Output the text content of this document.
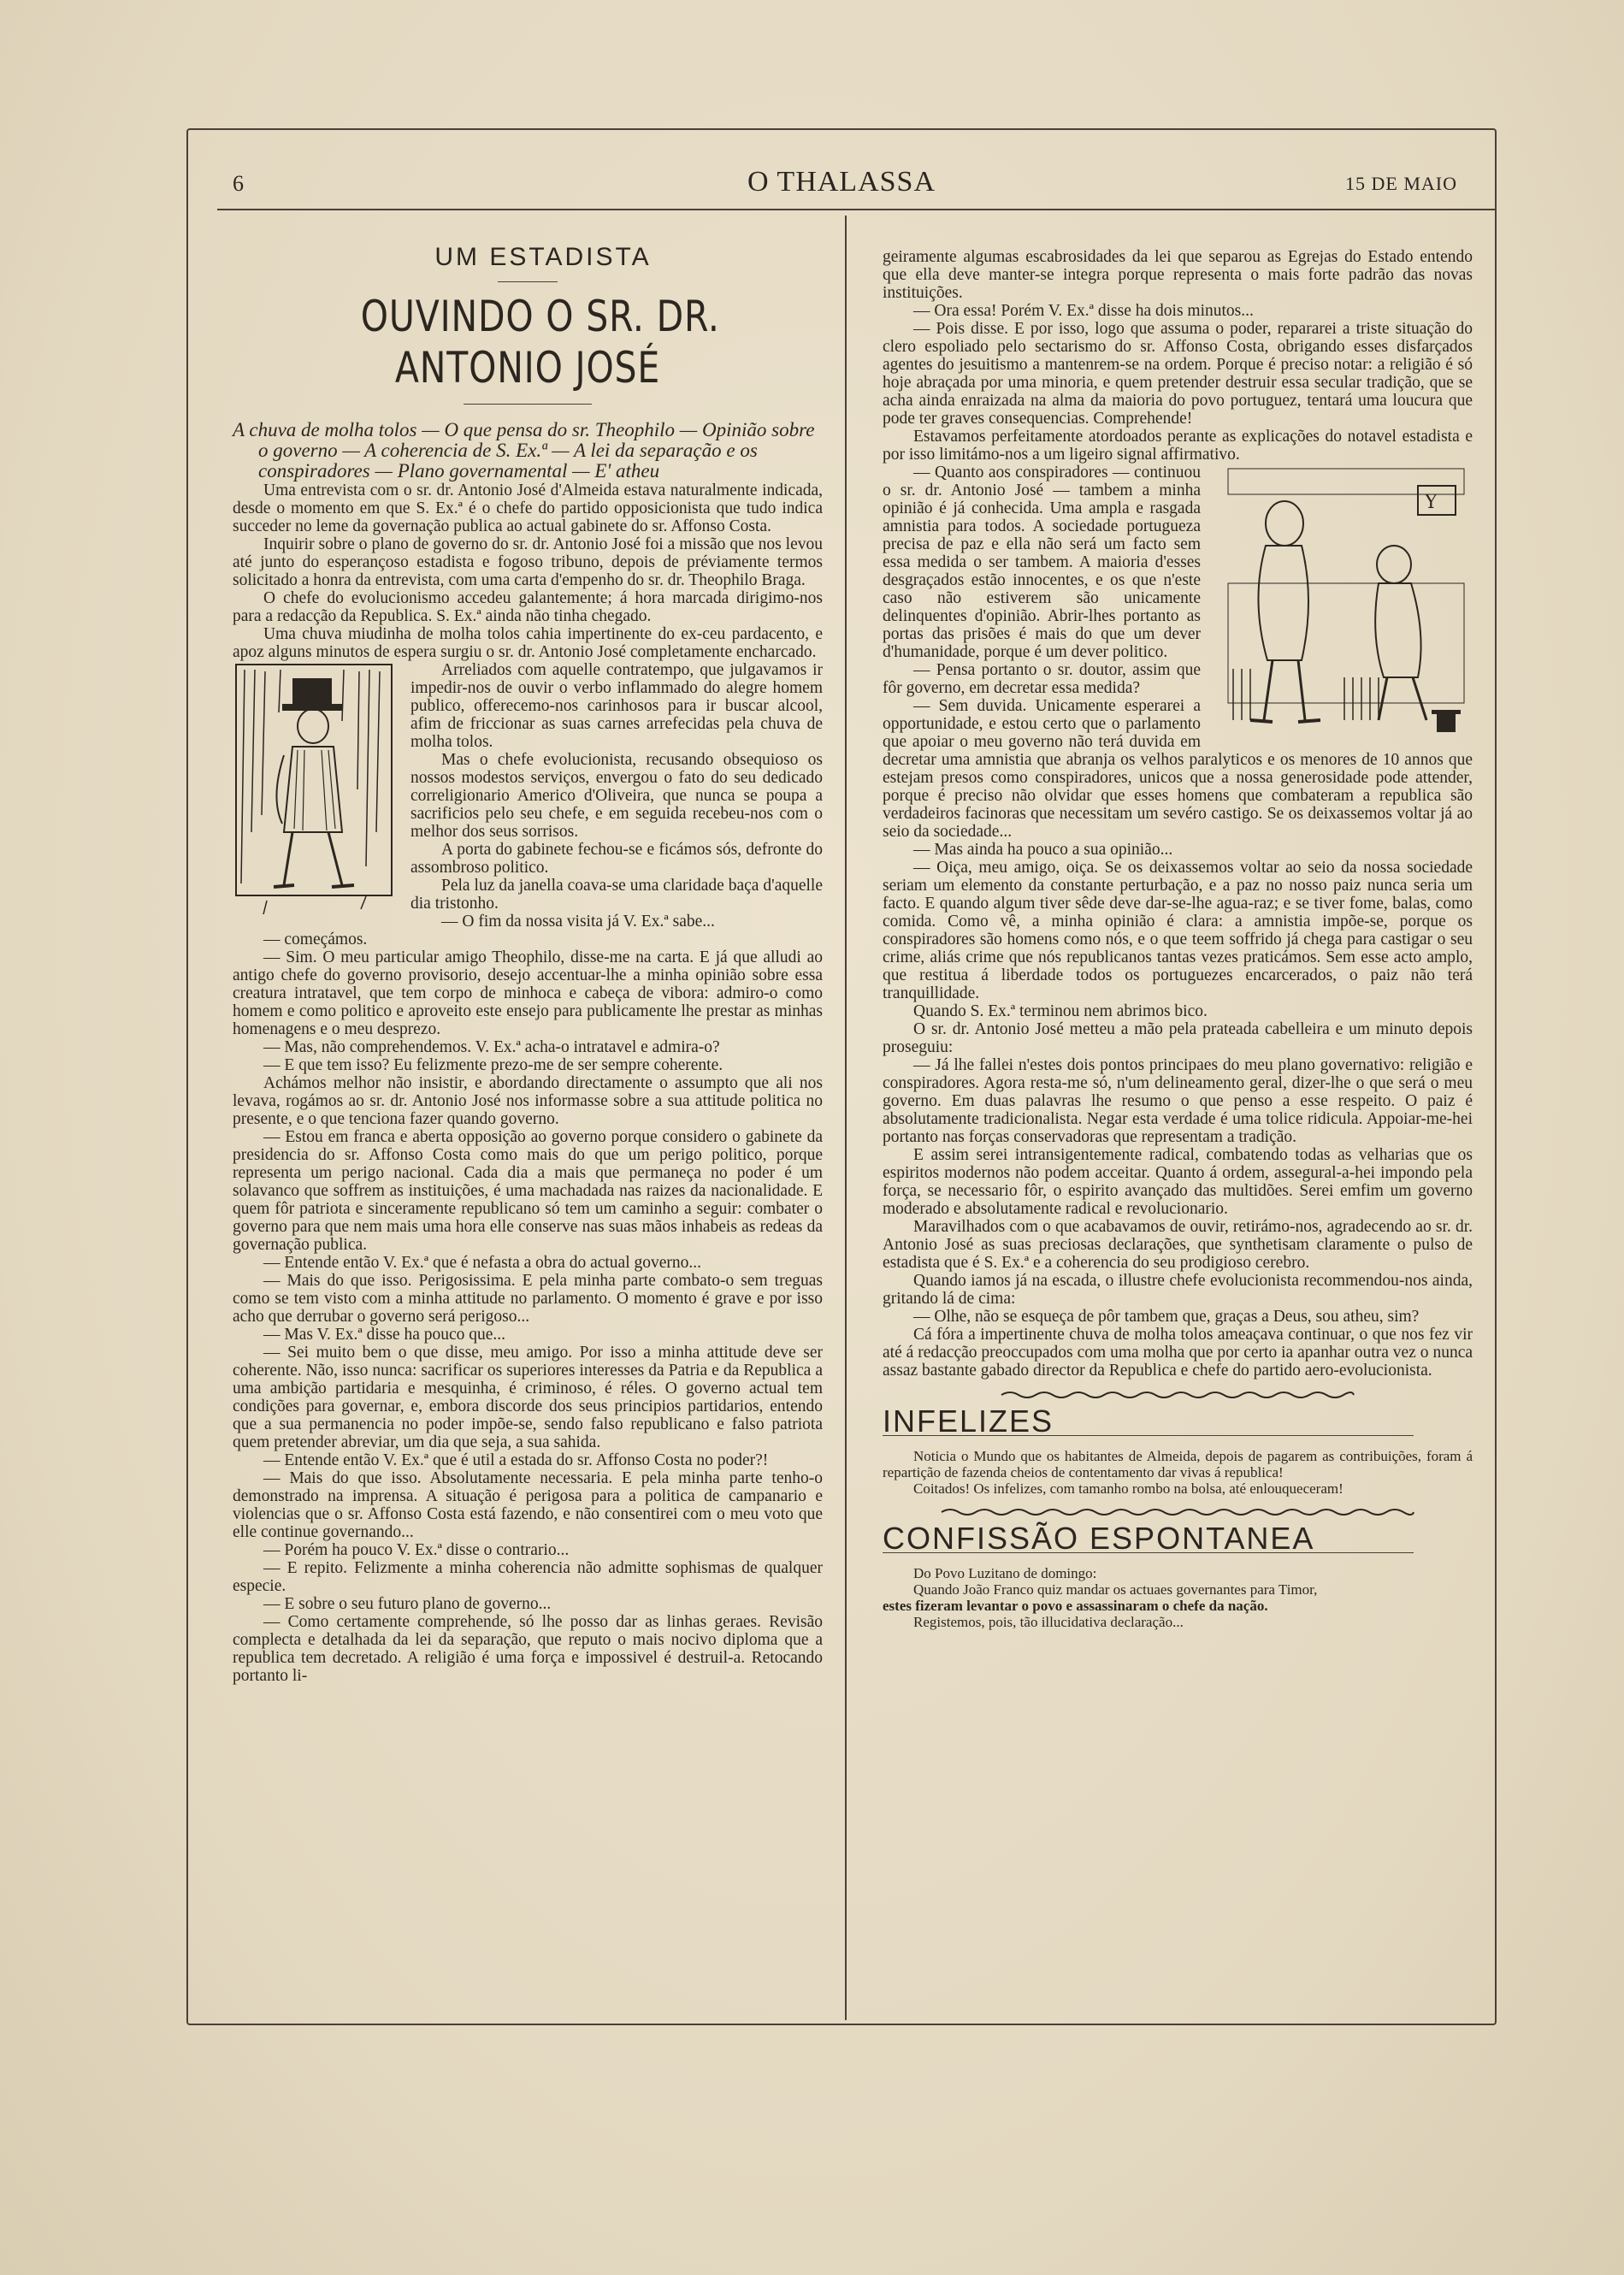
6	O THALASSA	15 DE MAIO

UM ESTADISTA

OUVINDO O SR. DR. ANTONIO JOSÉ

A chuva de molha tolos — O que pensa do sr. Theophilo — Opinião sobre o governo — A coherencia de S. Ex.ª — A lei da separação e os conspiradores — Plano governamental — E' atheu

Uma entrevista com o sr. dr. Antonio José d'Almeida estava naturalmente indicada, desde o momento em que S. Ex.ª é o chefe do partido opposicionista que tudo indica succeder no leme da governação publica ao actual gabinete do sr. Affonso Costa.

Inquirir sobre o plano de governo do sr. dr. Antonio José foi a missão que nos levou até junto do esperançoso estadista e fogoso tribuno, depois de préviamente termos solicitado a honra da entrevista, com uma carta d'empenho do sr. dr. Theophilo Braga.

O chefe do evolucionismo accedeu galantemente; á hora marcada dirigimo-nos para a redacção da Republica. S. Ex.ª ainda não tinha chegado.

Uma chuva miudinha de molha tolos cahia impertinente do ex-ceu pardacento, e apoz alguns minutos de espera surgiu o sr. dr. Antonio José completamente encharcado.

Arreliados com aquelle contratempo, que julgavamos ir impedir-nos de ouvir o verbo inflammado do alegre homem publico, offerecemo-nos carinhosos para ir buscar alcool, afim de friccionar as suas carnes arrefecidas pela chuva de molha tolos.

Mas o chefe evolucionista, recusando obsequioso os nossos modestos serviços, envergou o fato do seu dedicado correligionario Americo d'Oliveira, que nunca se poupa a sacrificios pelo seu chefe, e em seguida recebeu-nos com o melhor dos seus sorrisos.

A porta do gabinete fechou-se e ficámos sós, defronte do assombroso politico.

Pela luz da janella coava-se uma claridade baça d'aquelle dia tristonho.

— O fim da nossa visita já V. Ex.ª sabe...

— começámos.

— Sim. O meu particular amigo Theophilo, disse-me na carta. E já que alludi ao antigo chefe do governo provisorio, desejo accentuar-lhe a minha opinião sobre essa creatura intratavel, que tem corpo de minhoca e cabeça de vibora: admiro-o como homem e como politico e aproveito este ensejo para publicamente lhe prestar as minhas homenagens e o meu desprezo.

— Mas, não comprehendemos. V. Ex.ª acha-o intratavel e admira-o?

— E que tem isso? Eu felizmente prezo-me de ser sempre coherente.

Achámos melhor não insistir, e abordando directamente o assumpto que ali nos levava, rogámos ao sr. dr. Antonio José nos informasse sobre a sua attitude politica no presente, e o que tenciona fazer quando governo.

— Estou em franca e aberta opposição ao governo porque considero o gabinete da presidencia do sr. Affonso Costa como mais do que um perigo politico, porque representa um perigo nacional. Cada dia a mais que permaneça no poder é um solavanco que soffrem as instituições, é uma machadada nas raizes da nacionalidade. E quem fôr patriota e sinceramente republicano só tem um caminho a seguir: combater o governo para que nem mais uma hora elle conserve nas suas mãos inhabeis as redeas da governação publica.

— Entende então V. Ex.ª que é nefasta a obra do actual governo...

— Mais do que isso. Perigosissima. E pela minha parte combato-o sem treguas como se tem visto com a minha attitude no parlamento. O momento é grave e por isso acho que derrubar o governo será perigoso...

— Mas V. Ex.ª disse ha pouco que...

— Sei muito bem o que disse, meu amigo. Por isso a minha attitude deve ser coherente. Não, isso nunca: sacrificar os superiores interesses da Patria e da Republica a uma ambição partidaria e mesquinha, é criminoso, é réles. O governo actual tem condições para governar, e, embora discorde dos seus principios partidarios, entendo que a sua permanencia no poder impõe-se, sendo falso republicano e falso patriota quem pretender abreviar, um dia que seja, a sua sahida.

— Entende então V. Ex.ª que é util a estada do sr. Affonso Costa no poder?!

— Mais do que isso. Absolutamente necessaria. E pela minha parte tenho-o demonstrado na imprensa. A situação é perigosa para a politica de campanario e violencias que o sr. Affonso Costa está fazendo, e não consentirei com o meu voto que elle continue governando...

— Porém ha pouco V. Ex.ª disse o contrario...

— E repito. Felizmente a minha coherencia não admitte sophismas de qualquer especie.

— E sobre o seu futuro plano de governo...

— Como certamente comprehende, só lhe posso dar as linhas geraes. Revisão complecta e detalhada da lei da separação, que reputo o mais nocivo diploma que a republica tem decretado. A religião é uma força e impossivel é destruil-a. Retocando portanto li-

geiramente algumas escabrosidades da lei que separou as Egrejas do Estado entendo que ella deve manter-se integra porque representa o mais forte padrão das novas instituições.

— Ora essa! Porém V. Ex.ª disse ha dois minutos...

— Pois disse. E por isso, logo que assuma o poder, repararei a triste situação do clero espoliado pelo sectarismo do sr. Affonso Costa, obrigando esses disfarçados agentes do jesuitismo a mantenrem-se na ordem. Porque é preciso notar: a religião é só hoje abraçada por uma minoria, e quem pretender destruir essa secular tradição, que se acha ainda enraizada na alma da maioria do povo portuguez, tentará uma loucura que pode ter graves consequencias. Comprehende!

Estavamos perfeitamente atordoados perante as explicações do notavel estadista e por isso limitámo-nos a um ligeiro signal affirmativo.

Y

— Quanto aos conspiradores — continuou o sr. dr. Antonio José — tambem a minha opinião é já conhecida. Uma ampla e rasgada amnistia para todos. A sociedade portugueza precisa de paz e ella não será um facto sem essa medida o ser tambem. A maioria d'esses desgraçados estão innocentes, e os que n'este caso não estiverem são unicamente delinquentes d'opinião. Abrir-lhes portanto as portas das prisões é mais do que um dever d'humanidade, porque é um dever politico.

— Pensa portanto o sr. doutor, assim que fôr governo, em decretar essa medida?

— Sem duvida. Unicamente esperarei a opportunidade, e estou certo que o parlamento que apoiar o meu governo não terá duvida em decretar uma amnistia que abranja os velhos paralyticos e os menores de 10 annos que estejam presos como conspiradores, unicos que a nossa generosidade pode attender, porque é preciso não olvidar que esses homens que combateram a republica são verdadeiros facinoras que necessitam um sevéro castigo. Se os deixassemos voltar já ao seio da sociedade...

— Mas ainda ha pouco a sua opinião...

— Oiça, meu amigo, oiça. Se os deixassemos voltar ao seio da nossa sociedade seriam um elemento da constante perturbação, e a paz no nosso paiz nunca seria um facto. E quando algum tiver sêde deve dar-se-lhe agua-raz; e se tiver fome, balas, como comida. Como vê, a minha opinião é clara: a amnistia impõe-se, porque os conspiradores são homens como nós, e o que teem soffrido já chega para castigar o seu crime, aliás crime que nós republicanos tantas vezes praticámos. Sem esse acto amplo, que restitua á liberdade todos os portuguezes encarcerados, o paiz não terá tranquillidade.

Quando S. Ex.ª terminou nem abrimos bico.

O sr. dr. Antonio José metteu a mão pela prateada cabelleira e um minuto depois proseguiu:

— Já lhe fallei n'estes dois pontos principaes do meu plano governativo: religião e conspiradores. Agora resta-me só, n'um delineamento geral, dizer-lhe o que será o meu governo. Em duas palavras lhe resumo o que penso a esse respeito. O paiz é absolutamente tradicionalista. Negar esta verdade é uma tolice ridicula. Appoiar-me-hei portanto nas forças conservadoras que representam a tradição.

E assim serei intransigentemente radical, combatendo todas as velharias que os espiritos modernos não podem acceitar. Quanto á ordem, assegural-a-hei impondo pela força, se necessario fôr, o espirito avançado das multidões. Serei emfim um governo moderado e absolutamente radical e revolucionario.

Maravilhados com o que acabavamos de ouvir, retirámo-nos, agradecendo ao sr. dr. Antonio José as suas preciosas declarações, que synthetisam claramente o pulso de estadista que é S. Ex.ª e a coherencia do seu prodigioso cerebro.

Quando iamos já na escada, o illustre chefe evolucionista recommendou-nos ainda, gritando lá de cima:

— Olhe, não se esqueça de pôr tambem que, graças a Deus, sou atheu, sim?

Cá fóra a impertinente chuva de molha tolos ameaçava continuar, o que nos fez vir até á redacção preoccupados com uma molha que por certo ia apanhar outra vez o nunca assaz bastante gabado director da Republica e chefe do partido aero-evolucionista.

INFELIZES

Noticia o Mundo que os habitantes de Almeida, depois de pagarem as contribuições, foram á repartição de fazenda cheios de contentamento dar vivas á republica!

Coitados! Os infelizes, com tamanho rombo na bolsa, até enlouqueceram!

CONFISSÃO ESPONTANEA

Do Povo Luzitano de domingo:

Quando João Franco quiz mandar os actuaes governantes para Timor,

estes fizeram levantar o povo e assassinaram o chefe da nação.

Registemos, pois, tão illucidativa declaração...
